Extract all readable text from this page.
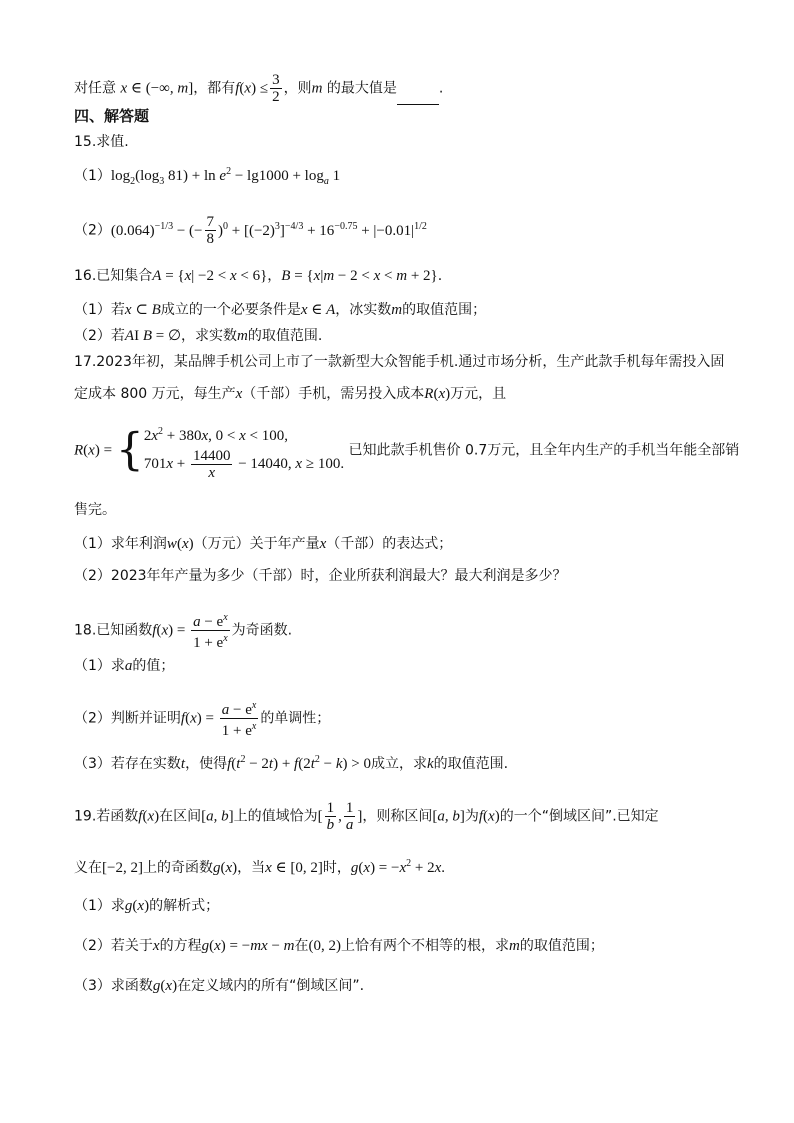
对任意 x ∈ (−∞, m]，都有$f(x) \le \frac{3}{2}$ ，则m 的最大值是	.
四、解答题
15.求值.
$(1)\log_2(\log_3$ $81) + \ln e^2 - \lg 1000 + \log_a 1$
$(2)(0.064)^{-1/3}$ − (− $\frac{7}{8} )^0 + [(-2)^3]^{-4/3} + 16^{-0.75} + |-0.01|^{1/2}$
16.已知集合A = {x| −2 < x < 6}，B = {x|m − 2 < x < m + 2}.
（1）若x ⊂ B成立的一个必要条件是x ∈ A，冰实数m的取值范围；
（2）若AI B = ∅，求实数m的取值范围.
17.2023年初，某品牌手机公司上市了一款新型大众智能手机.通过市场分析，生产此款手机每年需投入固
定成本 800 万元，每生产x（千部）手机，需另投入成本R(x)万元，且
R(x) = { $2x^2 + 380x$, 0 < x < 100,
$701x + \frac{14400}{x} - 14040$, x ≥ 100.
已知此款手机售价 0.7万元，且全年内生产的手机当年能全部销
售完。
（1）求年利润w(x)（万元）关于年产量x（千部）的表达式；
（2）2023年年产量为多少（千部）时，企业所获利润最大？最大利润是多少？
18.已知函数$f(x) = \frac{a - e^x}{1 + e^x}$ 为奇函数.
（1）求a的值；
（2）判断并证明$f(x) = \frac{a - e^x}{1 + e^x}$ 的单调性；
（3）若存在实数t，使得$f(t^2 - 2t) + f(2t^2 - k) > 0$成立，求k的取值范围.
19.若函数f(x)在区间[a, b]上的值域恰为[ $\frac{1}{b}$ , $\frac{1}{a}$ ]，则称区间[a, b]为f(x)的一个“倒域区间”.已知定
义在[−2, 2]上的奇函数g(x)，当x ∈ [0, 2]时，$g(x) = -x^2 + 2x$.
（1）求g(x)的解析式；
（2）若关于x的方程g(x) = −mx − m在(0, 2)上恰有两个不相等的根，求m的取值范围；
（3）求函数g(x)在定义域内的所有“倒域区间”.
